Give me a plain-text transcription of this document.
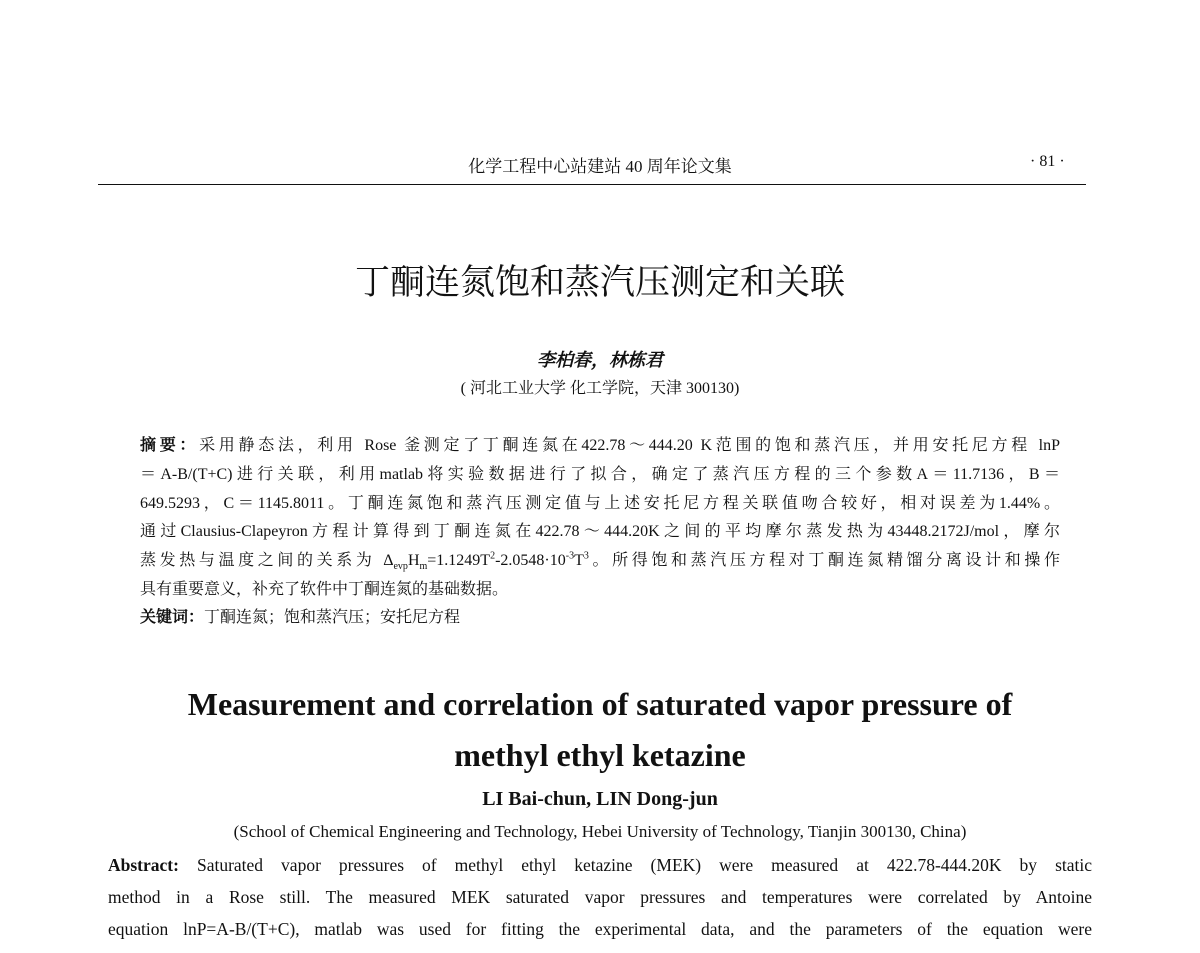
化学工程中心站建站 40 周年论文集	· 81 ·
丁酮连氮饱和蒸汽压测定和关联
李柏春，林栋君
( 河北工业大学 化工学院，天津 300130)
摘要：采用静态法，利用 Rose 釜测定了丁酮连氮在422.78～444.20 K范围的饱和蒸汽压，并用安托尼方程 lnP
＝A-B/(T+C)进行关联，利用matlab将实验数据进行了拟合，确定了蒸汽压方程的三个参数A＝11.7136，B＝
649.5293，C＝1145.8011。丁酮连氮饱和蒸汽压测定值与上述安托尼方程关联值吻合较好，相对误差为1.44%。
通过Clausius-Clapeyron方程计算得到丁酮连氮在422.78～444.20K之间的平均摩尔蒸发热为43448.2172J/mol，摩尔
蒸发热与温度之间的关系为 $\Delta_{evp}H_m=1.1249T^2-2.0548\cdot 10^{-3}T^3$。所得饱和蒸汽压方程对丁酮连氮精馏分离设计和操作
具有重要意义，补充了软件中丁酮连氮的基础数据。
关键词：丁酮连氮；饱和蒸汽压；安托尼方程
Measurement and correlation of saturated vapor pressure of
methyl ethyl ketazine
LI Bai-chun, LIN Dong-jun
(School of Chemical Engineering and Technology, Hebei University of Technology, Tianjin 300130, China)
Abstract: Saturated vapor pressures of methyl ethyl ketazine (MEK) were measured at 422.78-444.20K by static
method in a Rose still. The measured MEK saturated vapor pressures and temperatures were correlated by Antoine
equation lnP=A-B/(T+C), matlab was used for fitting the experimental data, and the parameters of the equation were
